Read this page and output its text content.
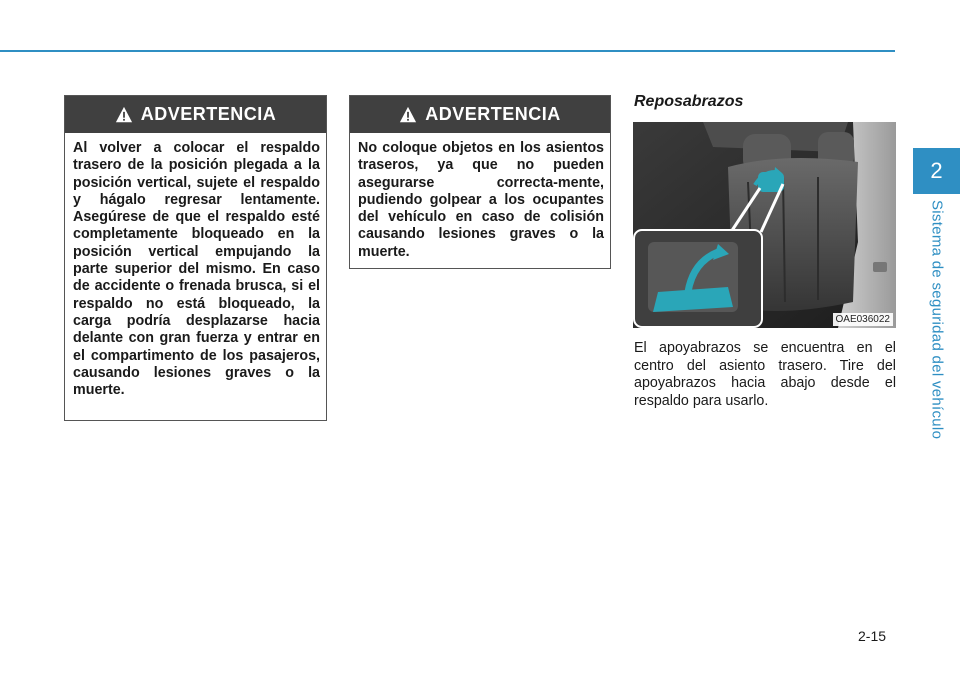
2
Sistema de seguridad del vehículo
ADVERTENCIA
Al volver a colocar el respaldo trasero de la posición plegada a la posición vertical, sujete el respaldo y hágalo regresar lentamente. Asegúrese de que el respaldo esté completamente bloqueado en la posición vertical empujando la parte superior del mismo. En caso de accidente o frenada brusca, si el respaldo no está bloqueado, la carga podría desplazarse hacia delante con gran fuerza y entrar en el compartimento de los pasajeros, causando lesiones graves o la muerte.
ADVERTENCIA
No coloque objetos en los asientos traseros, ya que no pueden asegurarse correcta-mente, pudiendo golpear a los ocupantes del vehículo en caso de colisión causando lesiones graves o la muerte.
Reposabrazos
OAE036022
El apoyabrazos se encuentra en el centro del asiento trasero. Tire del apoyabrazos hacia abajo desde el respaldo para usarlo.
2-15
